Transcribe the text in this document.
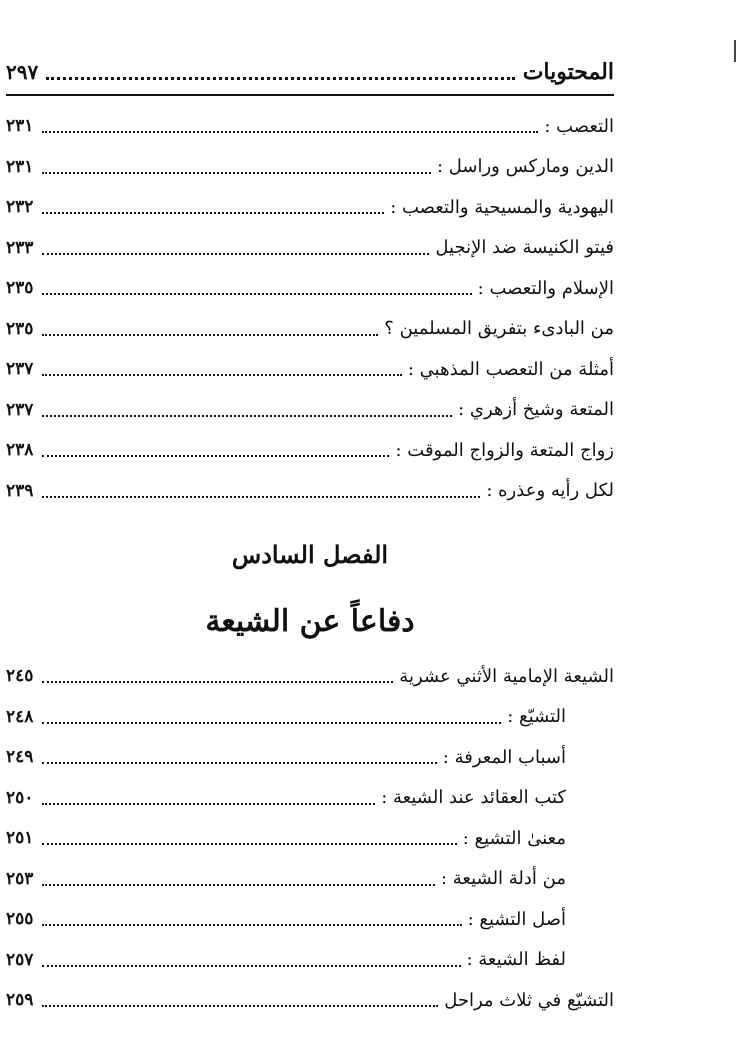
المحتويات
٢٩٧
التعصب :
٢٣١
الدين وماركس وراسل :
٢٣١
اليهودية والمسيحية والتعصب :
٢٣٢
فيتو الكنيسة ضد الإنجيل
٢٣٣
الإسلام والتعصب :
٢٣٥
من البادىء بتفريق المسلمين ؟
٢٣٥
أمثلة من التعصب المذهبي :
٢٣٧
المتعة وشيخ أزهري :
٢٣٧
زواج المتعة والزواج الموقت :
٢٣٨
لكل رأيه وعذره :
٢٣٩
الفصل السادس
دفاعاً عن الشيعة
الشيعة الإمامية الأثني عشرية
٢٤٥
التشيّع :
٢٤٨
أسباب المعرفة :
٢٤٩
كتب العقائد عند الشيعة :
٢٥٠
معنىٰ التشيع :
٢٥١
من أدلة الشيعة :
٢٥٣
أصل التشيع :
٢٥٥
لفظ الشيعة :
٢٥٧
التشيّع في ثلاث مراحل
٢٥٩
